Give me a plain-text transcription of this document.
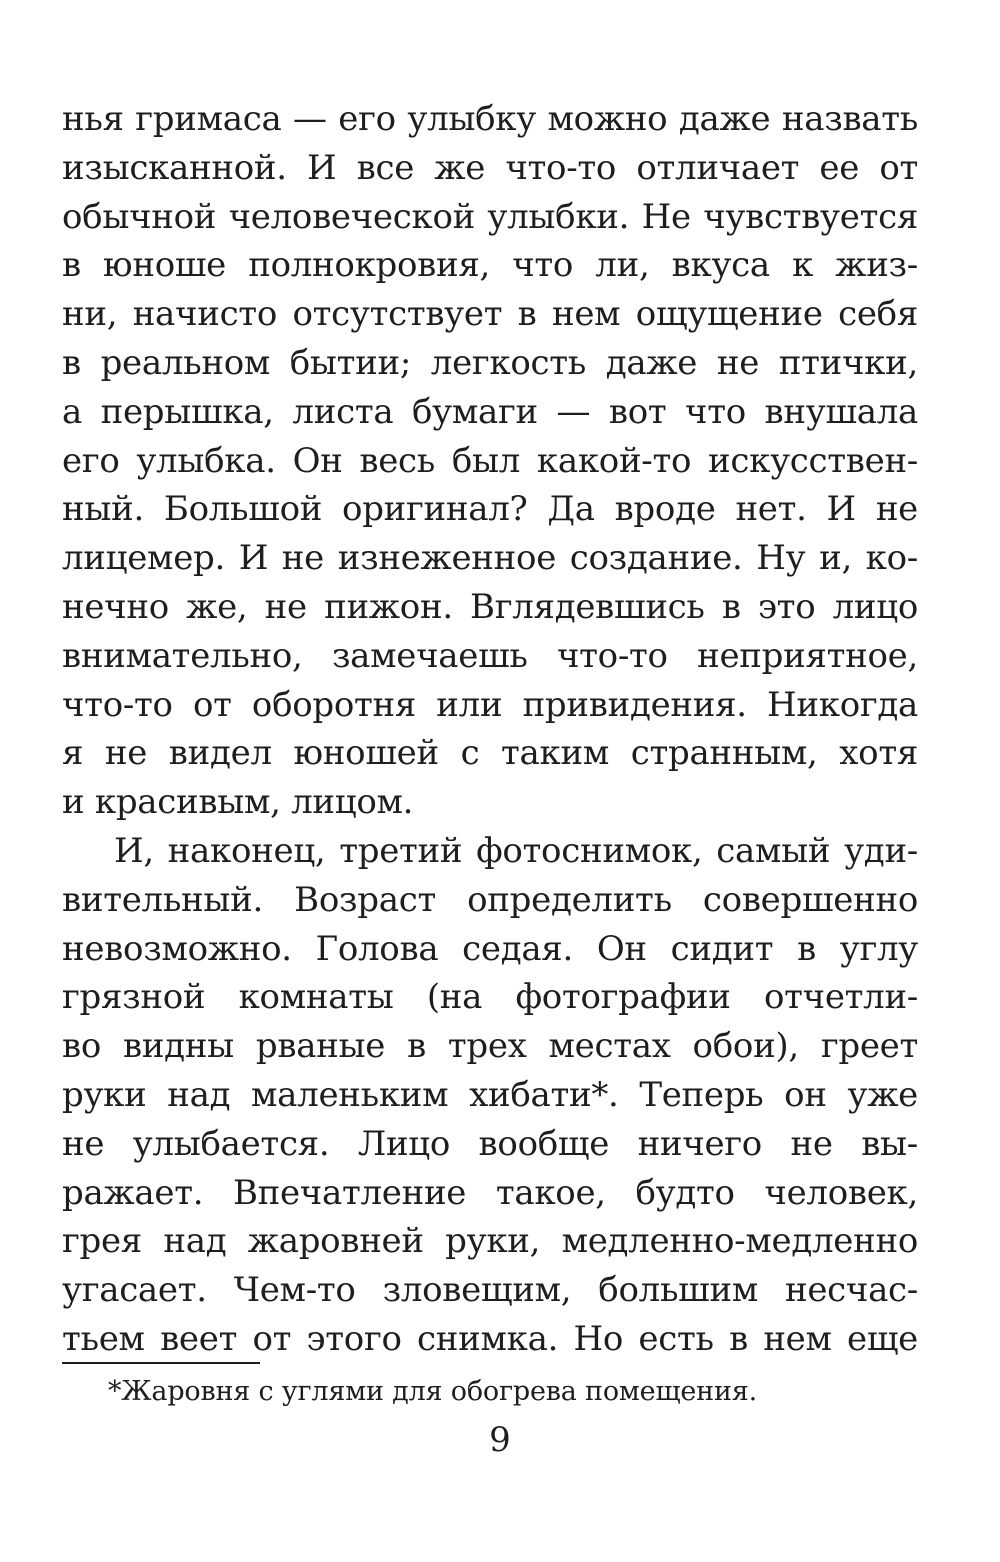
нья гримаса — его улыбку можно даже назвать
изысканной. И все же что-то отличает ее от
обычной человеческой улыбки. Не чувствуется
в юноше полнокровия, что ли, вкуса к жиз-
ни, начисто отсутствует в нем ощущение себя
в реальном бытии; легкость даже не птички,
а перышка, листа бумаги — вот что внушала
его улыбка. Он весь был какой-то искусствен-
ный. Большой оригинал? Да вроде нет. И не
лицемер. И не изнеженное создание. Ну и, ко-
нечно же, не пижон. Вглядевшись в это лицо
внимательно, замечаешь что-то неприятное,
что-то от оборотня или привидения. Никогда
я не видел юношей с таким странным, хотя
и красивым, лицом.
И, наконец, третий фотоснимок, самый уди-
вительный. Возраст определить совершенно
невозможно. Голова седая. Он сидит в углу
грязной комнаты (на фотографии отчетли-
во видны рваные в трех местах обои), греет
руки над маленьким хибати*. Теперь он уже
не улыбается. Лицо вообще ничего не вы-
ражает. Впечатление такое, будто человек,
грея над жаровней руки, медленно-медленно
угасает. Чем-то зловещим, большим несчас-
тьем веет от этого снимка. Но есть в нем еще
*Жаровня с углями для обогрева помещения.
9
